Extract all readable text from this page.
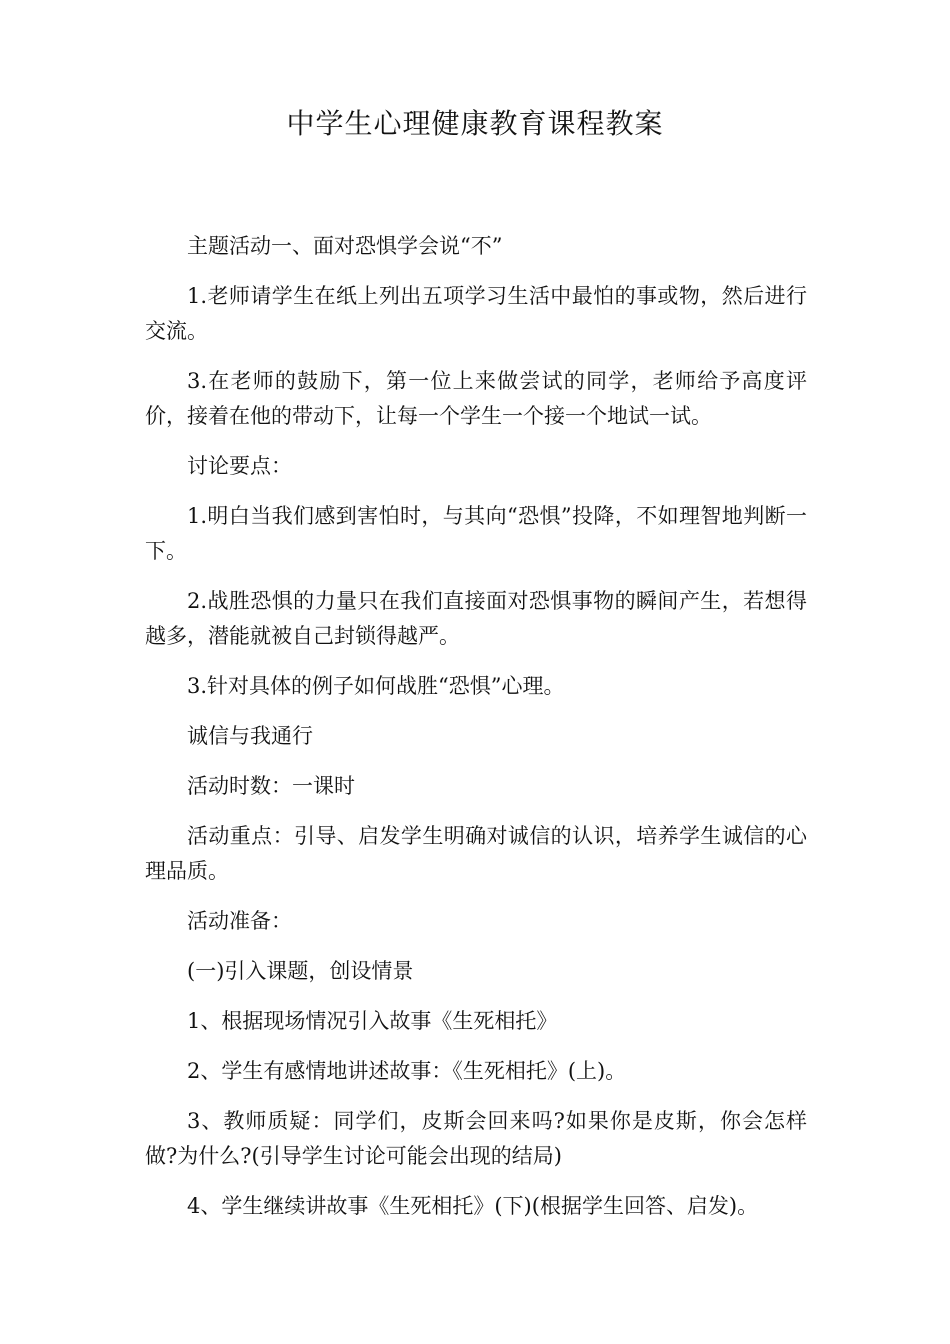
中学生心理健康教育课程教案

主题活动一、面对恐惧学会说“不”

1.老师请学生在纸上列出五项学习生活中最怕的事或物，然后进行交流。

3.在老师的鼓励下，第一位上来做尝试的同学，老师给予高度评价，接着在他的带动下，让每一个学生一个接一个地试一试。

讨论要点：

1.明白当我们感到害怕时，与其向“恐惧”投降，不如理智地判断一下。

2.战胜恐惧的力量只在我们直接面对恐惧事物的瞬间产生，若想得越多，潜能就被自己封锁得越严。

3.针对具体的例子如何战胜“恐惧”心理。

诚信与我通行

活动时数：一课时

活动重点：引导、启发学生明确对诚信的认识，培养学生诚信的心理品质。

活动准备：

(一)引入课题，创设情景

1、根据现场情况引入故事《生死相托》

2、学生有感情地讲述故事：《生死相托》(上)。

3、教师质疑：同学们，皮斯会回来吗?如果你是皮斯，你会怎样做?为什么?(引导学生讨论可能会出现的结局)

4、学生继续讲故事《生死相托》(下)(根据学生回答、启发)。
